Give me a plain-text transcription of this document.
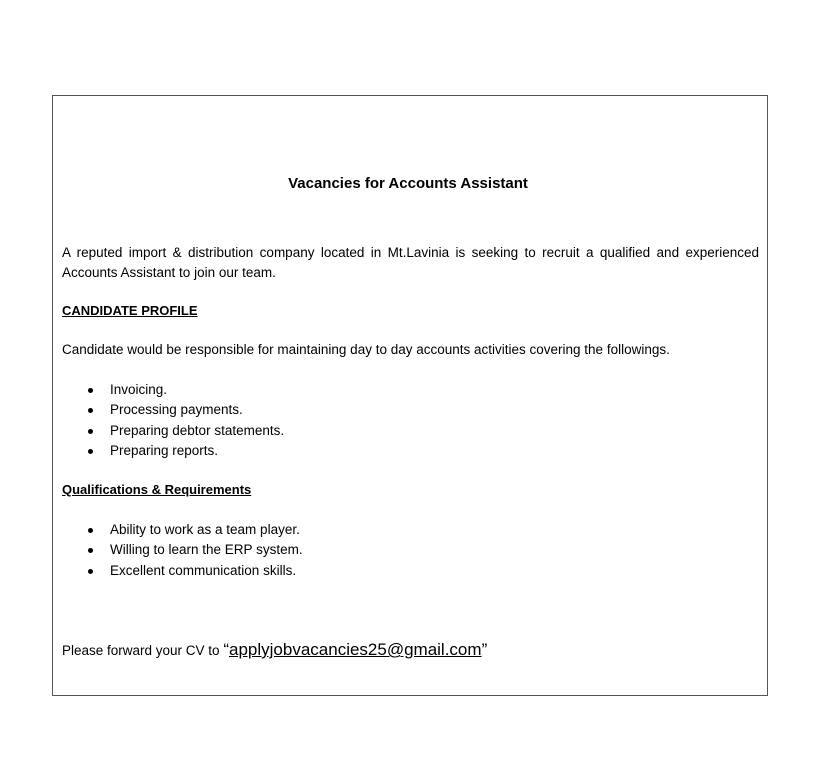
Vacancies for Accounts Assistant
A reputed import & distribution company located in Mt.Lavinia is seeking to recruit a qualified and experienced Accounts Assistant to join our team.
CANDIDATE PROFILE
Candidate would be responsible for maintaining day to day accounts activities covering the followings.
Invoicing.
Processing payments.
Preparing debtor statements.
Preparing reports.
Qualifications & Requirements
Ability to work as a team player.
Willing to learn the ERP system.
Excellent communication skills.
Please forward your CV to “applyjobvacancies25@gmail.com”
